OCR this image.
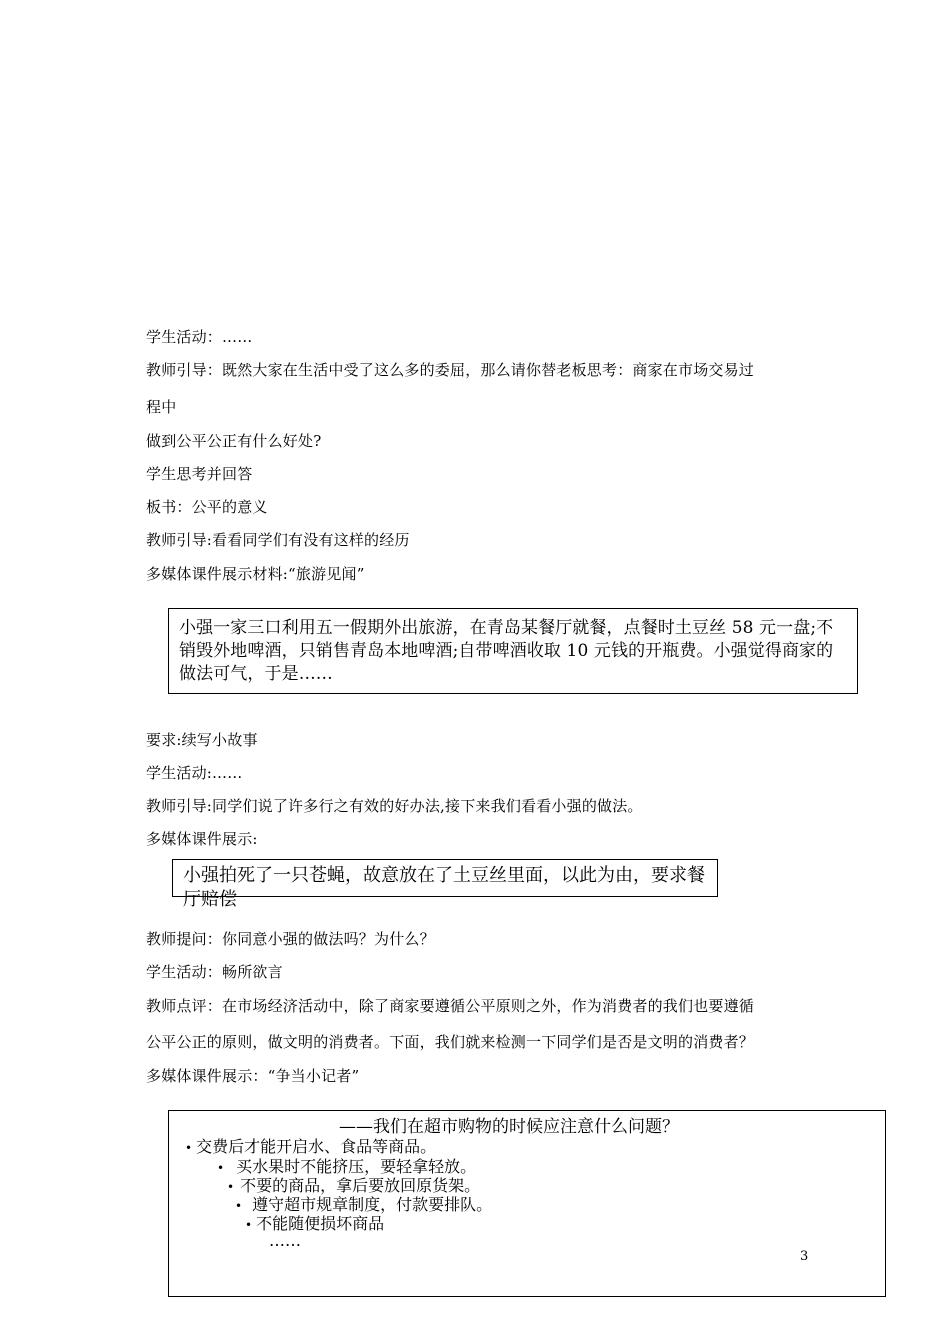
学生活动：……
教师引导：既然大家在生活中受了这么多的委屈，那么请你替老板思考：商家在市场交易过
程中
做到公平公正有什么好处?
学生思考并回答
板书：公平的意义
教师引导:看看同学们有没有这样的经历
多媒体课件展示材料:“旅游见闻”
小强一家三口利用五一假期外出旅游，在青岛某餐厅就餐，点餐时土豆丝 58 元一盘;不销毁外地啤酒，只销售青岛本地啤酒;自带啤酒收取 10 元钱的开瓶费。小强觉得商家的做法可气，于是……
要求:续写小故事
学生活动:……
教师引导:同学们说了许多行之有效的好办法,接下来我们看看小强的做法。
多媒体课件展示:
小强拍死了一只苍蝇，故意放在了土豆丝里面，以此为由，要求餐厅赔偿
教师提问：你同意小强的做法吗？为什么？
学生活动：畅所欲言
教师点评：在市场经济活动中，除了商家要遵循公平原则之外，作为消费者的我们也要遵循
公平公正的原则，做文明的消费者。下面，我们就来检测一下同学们是否是文明的消费者？
多媒体课件展示：“争当小记者”
——我们在超市购物的时候应注意什么问题？
• 交费后才能开启水、食品等商品。
• 买水果时不能挤压，要轻拿轻放。
• 不要的商品，拿后要放回原货架。
• 遵守超市规章制度，付款要排队。
• 不能随便损坏商品
……
3
